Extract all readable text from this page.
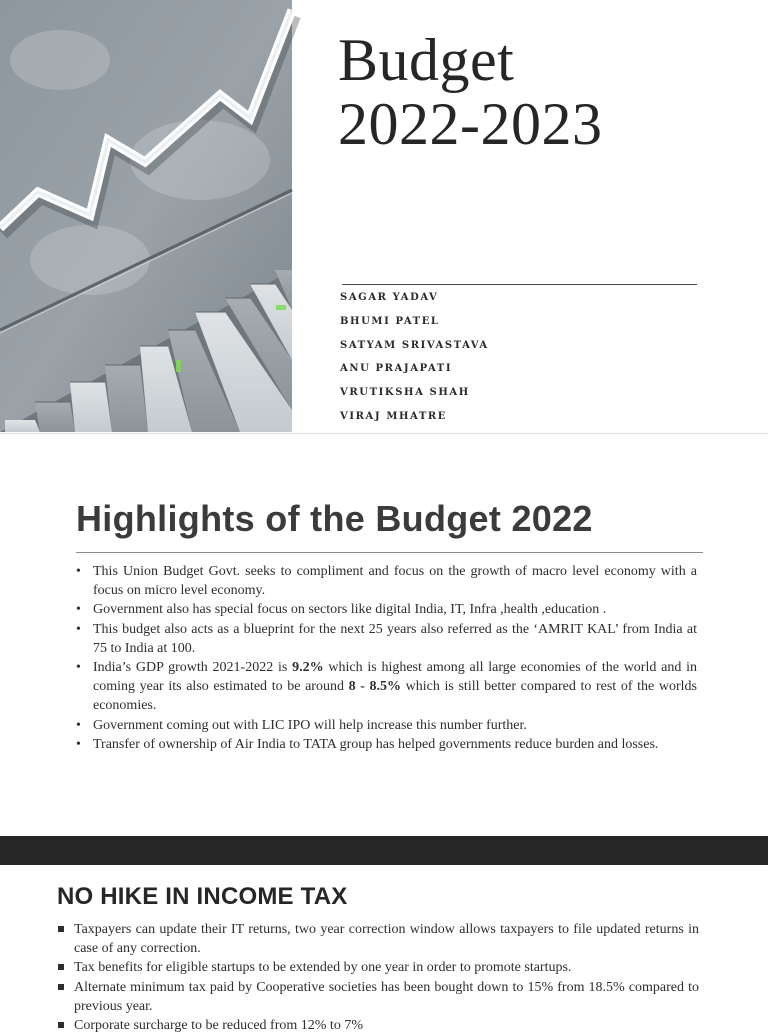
Budget

2022-2023

SAGAR YADAV
BHUMI PATEL
SATYAM SRIVASTAVA
ANU PRAJAPATI
VRUTIKSHA SHAH
VIRAJ MHATRE
Highlights of the Budget 2022
• This Union Budget Govt. seeks to compliment and focus on the growth of macro level economy with a focus on micro level economy.
• Government also has special focus on sectors like digital India, IT, Infra ,health ,education .
• This budget also acts as a blueprint for the next 25 years also referred as the ‘AMRIT KAL’ from India at 75 to India at 100.
• India’s GDP growth 2021-2022 is 9.2% which is highest among all large economies of the world and in coming year its also estimated to be around 8 - 8.5% which is still better compared to rest of the worlds economies.
• Government coming out with LIC IPO will help increase this number further.
• Transfer of ownership of Air India to TATA group has helped governments reduce burden and losses.
NO HIKE IN INCOME TAX
Taxpayers can update their IT returns, two year correction window allows taxpayers to file updated returns in case of any correction.
Tax benefits for eligible startups to be extended by one year in order to promote startups.
Alternate minimum tax paid by Cooperative societies has been bought down to 15% from 18.5% compared to previous year.
Corporate surcharge to be reduced from 12% to 7%
